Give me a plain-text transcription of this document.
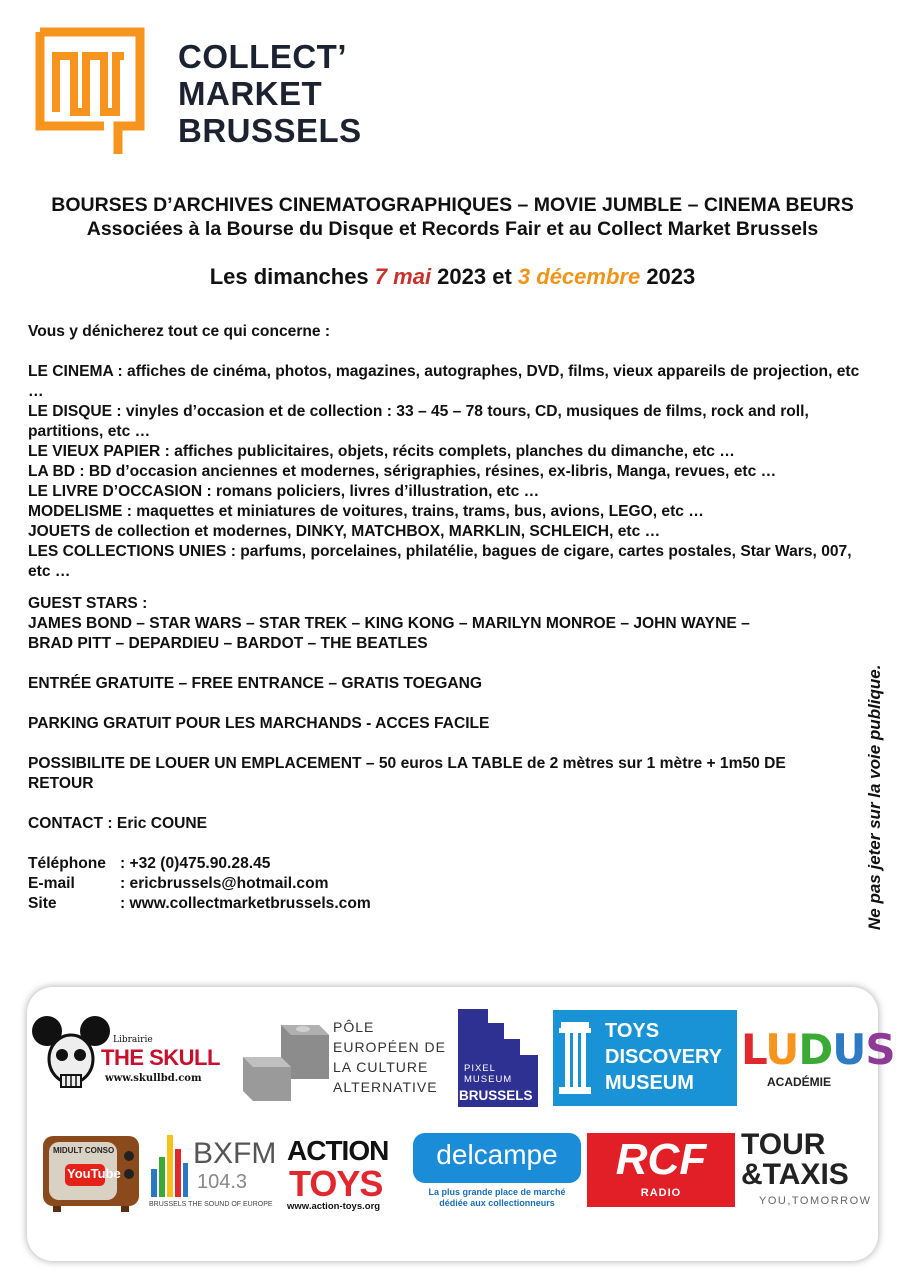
COLLECT’
MARKET
BRUSSELS
BOURSES D’ARCHIVES CINEMATOGRAPHIQUES – MOVIE JUMBLE – CINEMA BEURS
Associées à la Bourse du Disque et Records Fair et au Collect Market Brussels
Les dimanches 7 mai 2023 et 3 décembre 2023

Vous y dénicherez tout ce qui concerne :

LE CINEMA : affiches de cinéma, photos, magazines, autographes, DVD, films, vieux appareils de projection, etc …

LE DISQUE : vinyles d’occasion et de collection : 33 – 45 – 78 tours, CD, musiques de films, rock and roll, partitions, etc …

LE VIEUX PAPIER : affiches publicitaires, objets, récits complets, planches du dimanche, etc …

LA BD : BD d’occasion anciennes et modernes, sérigraphies, résines, ex-libris, Manga, revues, etc …

LE LIVRE D’OCCASION : romans policiers, livres d’illustration, etc …

MODELISME : maquettes et miniatures de voitures, trains, trams, bus, avions, LEGO, etc …

JOUETS de collection et modernes, DINKY, MATCHBOX, MARKLIN, SCHLEICH, etc …

LES COLLECTIONS UNIES : parfums, porcelaines, philatélie, bagues de cigare, cartes postales, Star Wars, 007, etc …

GUEST STARS :

JAMES BOND – STAR WARS – STAR TREK – KING KONG – MARILYN MONROE – JOHN WAYNE –

BRAD PITT – DEPARDIEU – BARDOT – THE BEATLES

ENTRÉE GRATUITE – FREE ENTRANCE – GRATIS TOEGANG

PARKING GRATUIT POUR LES MARCHANDS - ACCES FACILE

POSSIBILITE DE LOUER UN EMPLACEMENT – 50 euros LA TABLE de 2 mètres sur 1 mètre + 1m50 DE RETOUR

CONTACT : Eric COUNE

Téléphone : +32 (0)475.90.28.45
E-mail	: ericbrussels@hotmail.com
Site	: www.collectmarketbrussels.com	Ne pas jeter sur la voie publique.
Librairie
THE SKULL
www.skullbd.com
PÔLE
EUROPÉEN DE
LA CULTURE
ALTERNATIVE
PIXEL
MUSEUM
BRUSSELS
TOYS
DISCOVERY
MUSEUM
LUDUS
ACADÉMIE
MIDULT CONSO
YouTube
BXFM
104.3
BRUSSELS THE SOUND OF EUROPE
ACTION
TOYS
www.action-toys.org
delcampe
La plus grande place de marché
dédiée aux collectionneurs
RCF
RADIO
TOUR
&TAXIS
YOU,TOMORROW
